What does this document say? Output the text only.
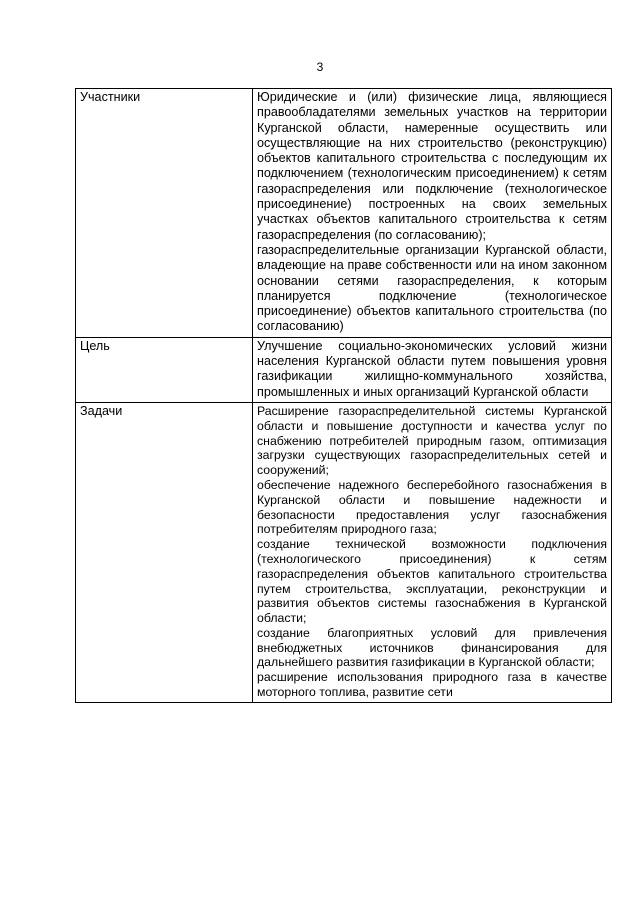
3
Участники	Юридические и (или) физические лица, являющиеся правообладателями земельных участков на территории Курганской области, намеренные осуществить или осуществляющие на них строительство (реконструкцию) объектов капитального строительства с последующим их подключением (технологическим присоединением) к сетям газораспределения или подключение (технологическое присоединение) построенных на своих земельных участках объектов капитального строительства к сетям газораспределения (по согласованию);
газораспределительные организации Курганской области, владеющие на праве собственности или на ином законном основании сетями газораспределения, к которым планируется подключение (технологическое присоединение) объектов капитального строительства (по согласованию)

Цель	Улучшение социально-экономических условий жизни населения Курганской области путем повышения уровня газификации жилищно-коммунального хозяйства, промышленных и иных организаций Курганской области

Задачи	Расширение газораспределительной системы Курганской области и повышение доступности и качества услуг по снабжению потребителей природным газом, оптимизация загрузки существующих газораспределительных сетей и сооружений;
обеспечение надежного бесперебойного газоснабжения в Курганской области и повышение надежности и безопасности предоставления услуг газоснабжения потребителям природного газа;
создание технической возможности подключения (технологического присоединения) к сетям газораспределения объектов капитального строительства путем строительства, эксплуатации, реконструкции и развития объектов системы газоснабжения в Курганской области;
создание благоприятных условий для привлечения внебюджетных источников финансирования для дальнейшего развития газификации в Курганской области;
расширение использования природного газа в качестве моторного топлива, развитие сети
